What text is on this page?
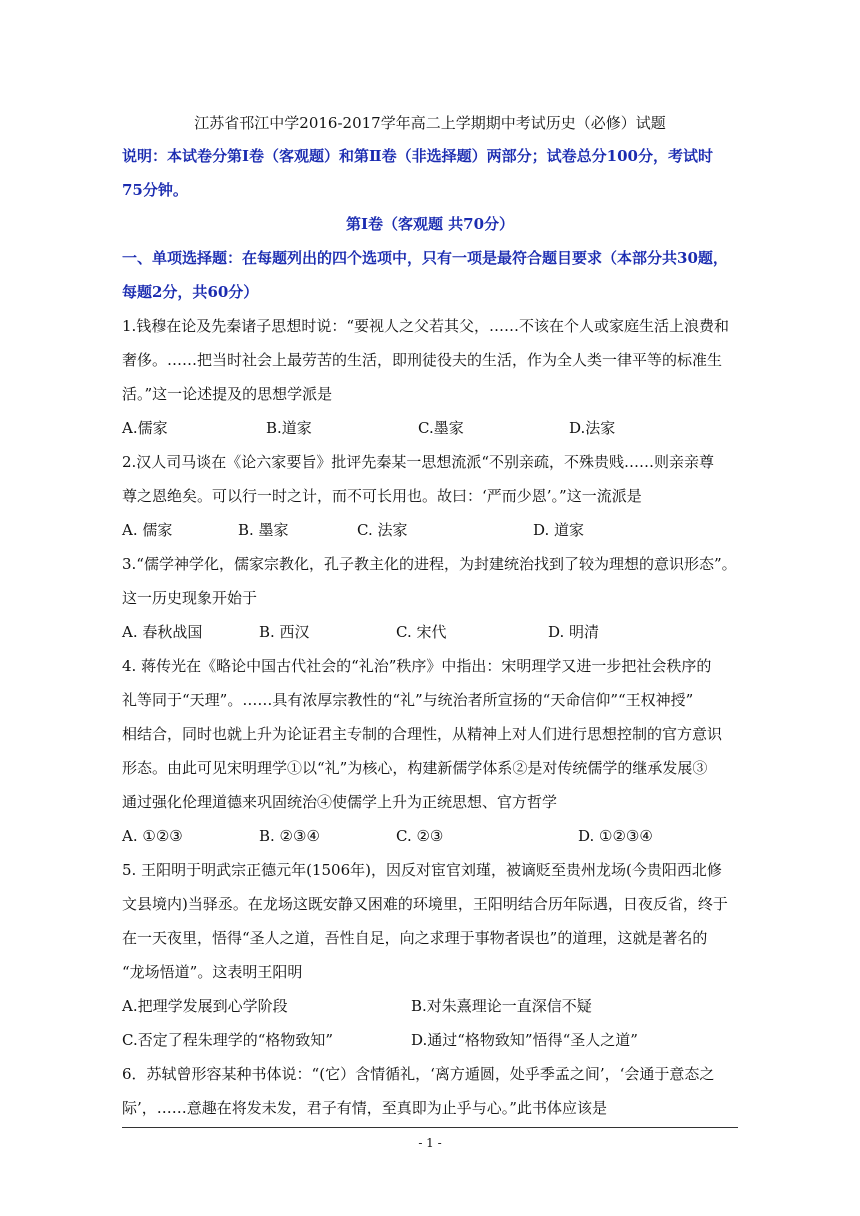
江苏省邗江中学2016-2017学年高二上学期期中考试历史（必修）试题
说明：本试卷分第Ⅰ卷（客观题）和第Ⅱ卷（非选择题）两部分；试卷总分100分，考试时
75分钟。
第Ⅰ卷（客观题 共70分）
一、单项选择题：在每题列出的四个选项中，只有一项是最符合题目要求（本部分共30题，
每题2分，共60分）
1.钱穆在论及先秦诸子思想时说：“要视人之父若其父，……不该在个人或家庭生活上浪费和
奢侈。……把当时社会上最劳苦的生活，即刑徒役夫的生活，作为全人类一律平等的标准生
活。”这一论述提及的思想学派是
A.儒家	B.道家	C.墨家	D.法家
2.汉人司马谈在《论六家要旨》批评先秦某一思想流派“不别亲疏，不殊贵贱……则亲亲尊
尊之恩绝矣。可以行一时之计，而不可长用也。故曰：‘严而少恩’。”这一流派是
A. 儒家	B. 墨家	C. 法家	D. 道家
3.“儒学神学化，儒家宗教化，孔子教主化的进程，为封建统治找到了较为理想的意识形态”。
这一历史现象开始于
A. 春秋战国	B. 西汉	C. 宋代	D. 明清
4. 蒋传光在《略论中国古代社会的“礼治”秩序》中指出：宋明理学又进一步把社会秩序的
礼等同于“天理”。……具有浓厚宗教性的“礼”与统治者所宣扬的“天命信仰”“王权神授”
相结合，同时也就上升为论证君主专制的合理性，从精神上对人们进行思想控制的官方意识
形态。由此可见宋明理学①以“礼”为核心，构建新儒学体系②是对传统儒学的继承发展③
通过强化伦理道德来巩固统治④使儒学上升为正统思想、官方哲学
A. ①②③	B. ②③④	C. ②③	D. ①②③④
5. 王阳明于明武宗正德元年(1506年)，因反对宦官刘瑾，被谪贬至贵州龙场(今贵阳西北修
文县境内)当驿丞。在龙场这既安静又困难的环境里，王阳明结合历年际遇，日夜反省，终于
在一天夜里，悟得“圣人之道，吾性自足，向之求理于事物者误也”的道理，这就是著名的
“龙场悟道”。这表明王阳明
A.把理学发展到心学阶段	B.对朱熹理论一直深信不疑
C.否定了程朱理学的“格物致知”	D.通过“格物致知”悟得“圣人之道”
6．苏轼曾形容某种书体说：“(它）含情循礼，‘离方遁圆，处乎季孟之间’，‘会通于意态之
际’，……意趣在将发未发，君子有情，至真即为止乎与心。”此书体应该是
- 1 -
